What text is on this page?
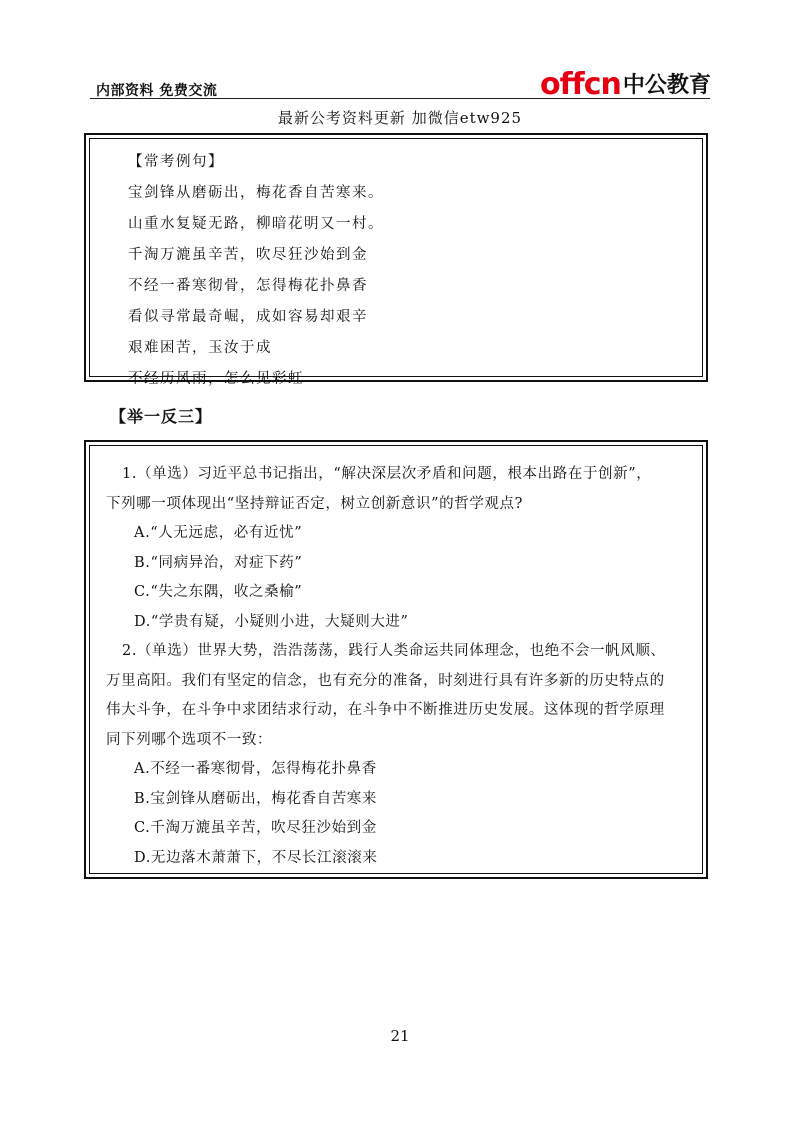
内部资料 免费交流	offcn 中公教育
最新公考资料更新 加微信etw925
【常考例句】
宝剑锋从磨砺出，梅花香自苦寒来。
山重水复疑无路，柳暗花明又一村。
千淘万漉虽辛苦，吹尽狂沙始到金
不经一番寒彻骨，怎得梅花扑鼻香
看似寻常最奇崛，成如容易却艰辛
艰难困苦，玉汝于成
不经历风雨，怎么见彩虹
【举一反三】
1.（单选）习近平总书记指出，“解决深层次矛盾和问题，根本出路在于创新”，
下列哪一项体现出“坚持辩证否定，树立创新意识”的哲学观点?
A.“人无远虑，必有近忧”
B.“同病异治，对症下药”
C.“失之东隅，收之桑榆”
D.“学贵有疑，小疑则小进，大疑则大进”
2.（单选）世界大势，浩浩荡荡，践行人类命运共同体理念，也绝不会一帆风顺、
万里高阳。我们有坚定的信念，也有充分的准备，时刻进行具有许多新的历史特点的
伟大斗争，在斗争中求团结求行动，在斗争中不断推进历史发展。这体现的哲学原理
同下列哪个选项不一致：
A.不经一番寒彻骨，怎得梅花扑鼻香
B.宝剑锋从磨砺出，梅花香自苦寒来
C.千淘万漉虽辛苦，吹尽狂沙始到金
D.无边落木萧萧下，不尽长江滚滚来
21
